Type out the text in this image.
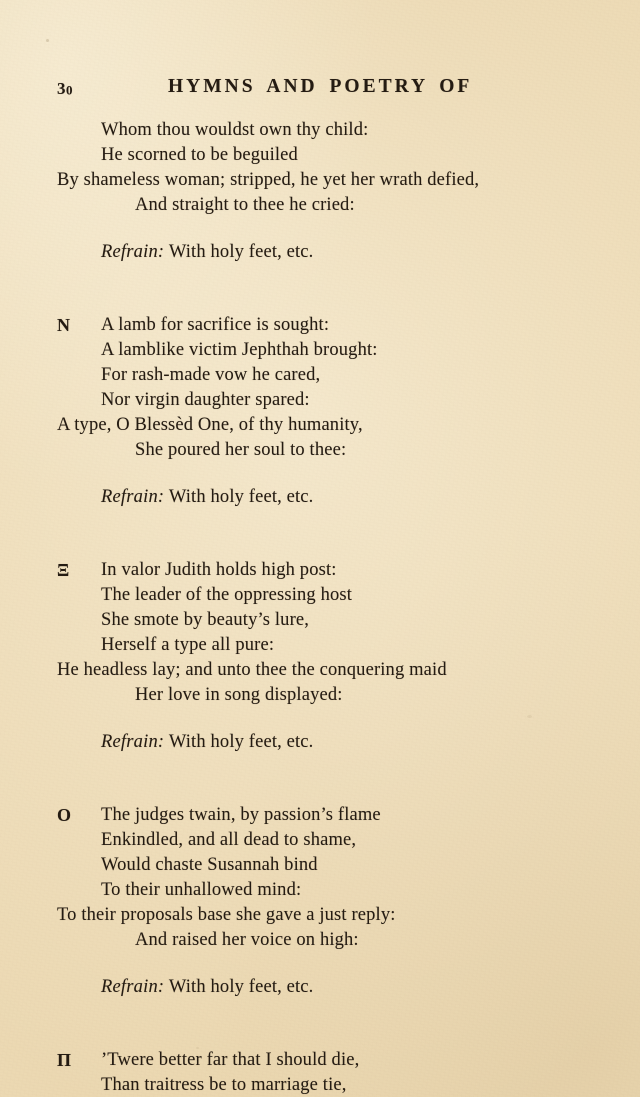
30	HYMNS AND POETRY OF
Whom thou wouldst own thy child:
He scorned to be beguiled
By shameless woman; stripped, he yet her wrath defied,
And straight to thee he cried:
Refrain: With holy feet, etc.
N A lamb for sacrifice is sought:
A lamblike victim Jephthah brought:
For rash-made vow he cared,
Nor virgin daughter spared:
A type, O Blessèd One, of thy humanity,
She poured her soul to thee:
Refrain: With holy feet, etc.
Ξ In valor Judith holds high post:
The leader of the oppressing host
She smote by beauty’s lure,
Herself a type all pure:
He headless lay; and unto thee the conquering maid
Her love in song displayed:
Refrain: With holy feet, etc.
O The judges twain, by passion’s flame
Enkindled, and all dead to shame,
Would chaste Susannah bind
To their unhallowed mind:
To their proposals base she gave a just reply:
And raised her voice on high:
Refrain: With holy feet, etc.
Π ’Twere better far that I should die,
Than traitress be to marriage tie,
